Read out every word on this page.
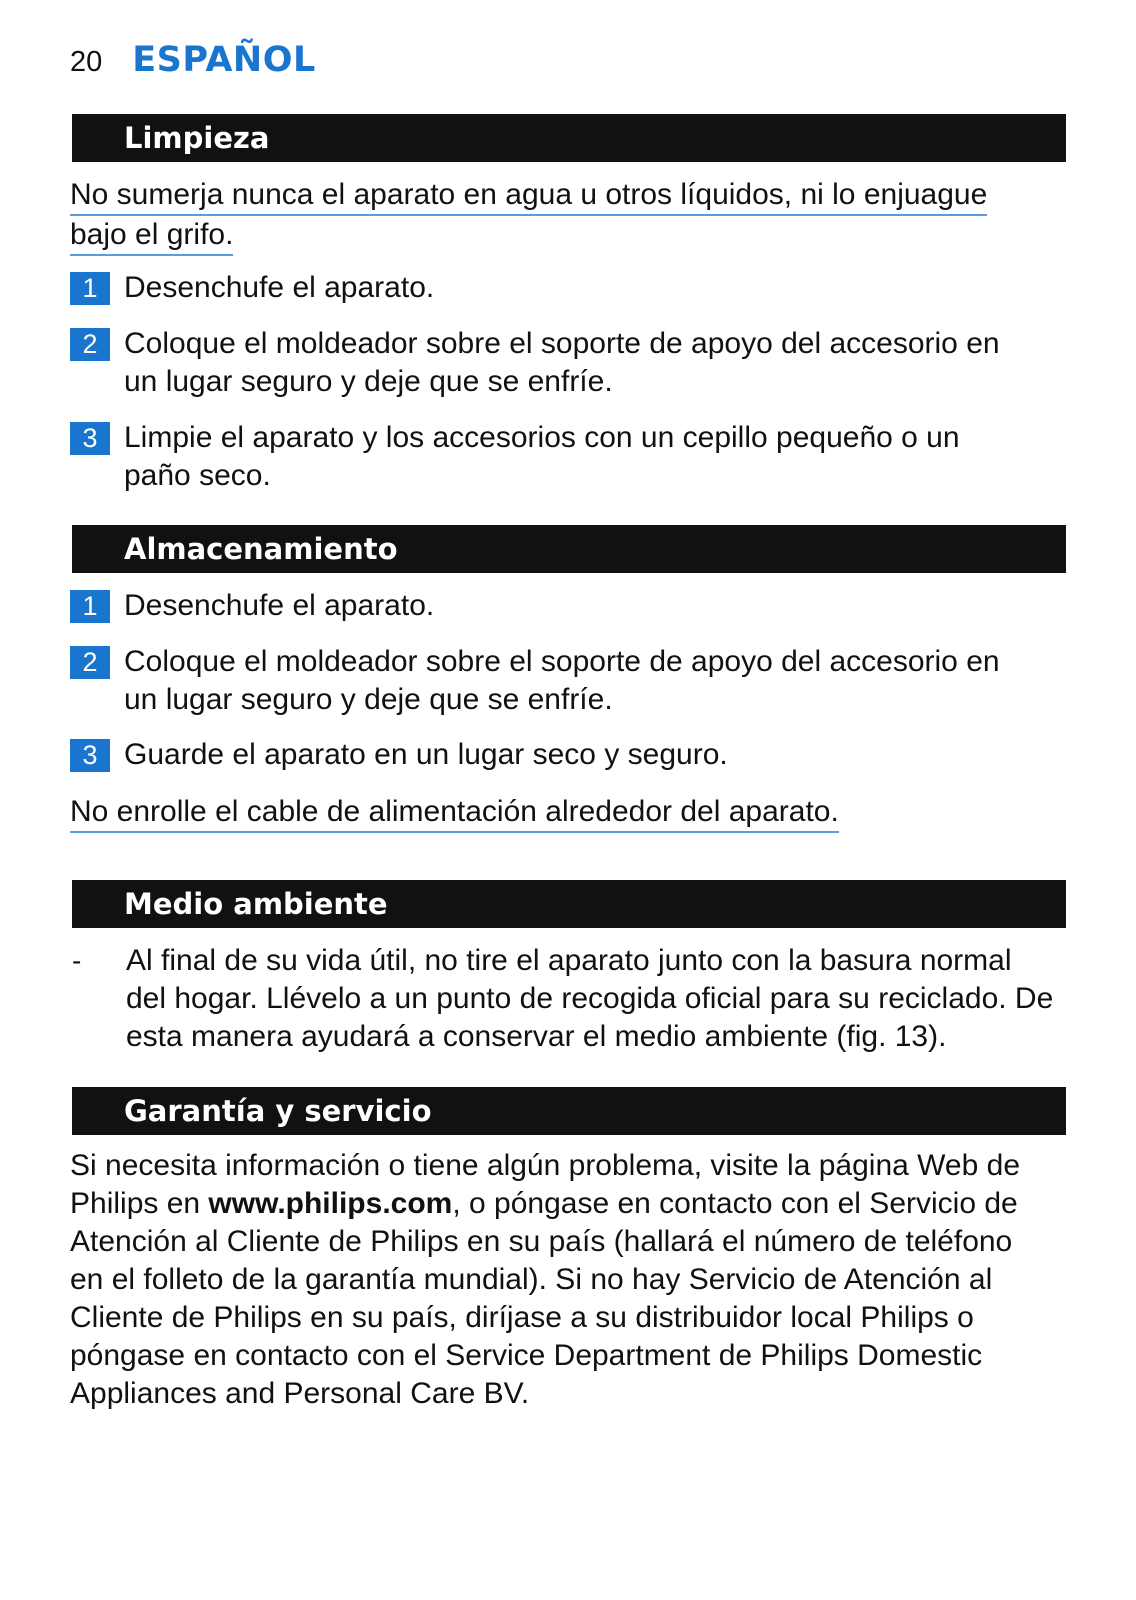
20 ESPAÑOL
Limpieza
No sumerja nunca el aparato en agua u otros líquidos, ni lo enjuague
bajo el grifo.
1 Desenchufe el aparato.
2 Coloque el moldeador sobre el soporte de apoyo del accesorio en
un lugar seguro y deje que se enfríe.
3 Limpie el aparato y los accesorios con un cepillo pequeño o un
paño seco.
Almacenamiento
1 Desenchufe el aparato.
2 Coloque el moldeador sobre el soporte de apoyo del accesorio en
un lugar seguro y deje que se enfríe.
3 Guarde el aparato en un lugar seco y seguro.
No enrolle el cable de alimentación alrededor del aparato.
Medio ambiente
-	Al final de su vida útil, no tire el aparato junto con la basura normal
del hogar. Llévelo a un punto de recogida oficial para su reciclado. De
esta manera ayudará a conservar el medio ambiente (fig. 13).
Garantía y servicio
Si necesita información o tiene algún problema, visite la página Web de
Philips en www.philips.com, o póngase en contacto con el Servicio de
Atención al Cliente de Philips en su país (hallará el número de teléfono
en el folleto de la garantía mundial). Si no hay Servicio de Atención al
Cliente de Philips en su país, diríjase a su distribuidor local Philips o
póngase en contacto con el Service Department de Philips Domestic
Appliances and Personal Care BV.
